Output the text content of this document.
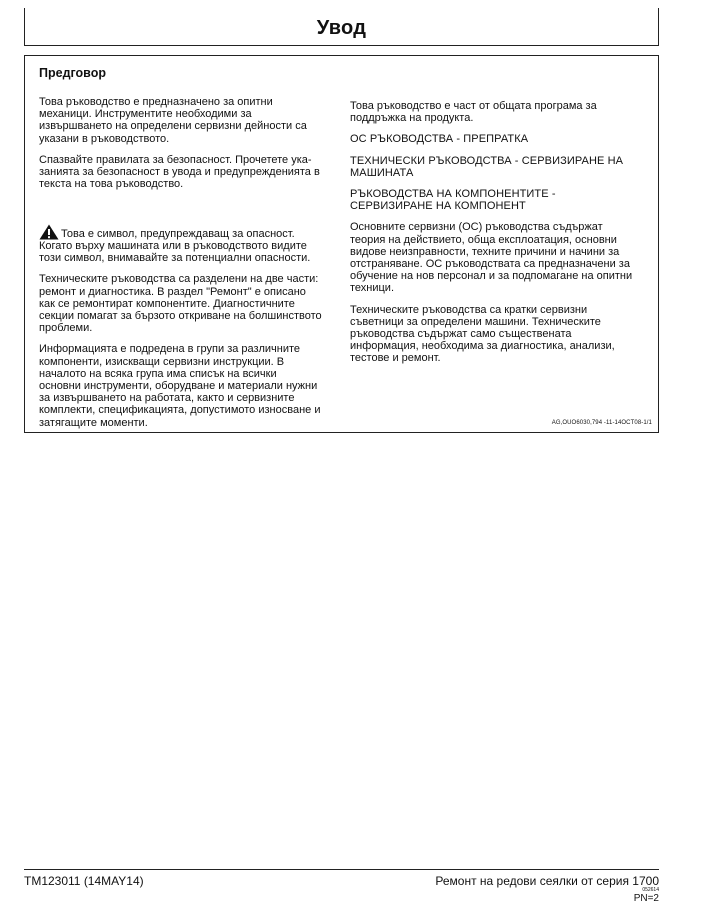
Увод
Предговор

Това ръководство е предназначено за опитни
механици. Инструментите необходими за
извършването на определени сервизни дейности са
указани в ръководството.

Спазвайте правилата за безопасност. Прочетете ука-
занията за безопасност в увода и предупрежденията в
текста на това ръководство.

Това е символ, предупреждаващ за опасност.
Когато върху машината или в ръководството видите
този символ, внимавайте за потенциални опасности.

Техническите ръководства са разделени на две части:
ремонт и диагностика. В раздел "Ремонт" е описано
как се ремонтират компонентите. Диагностичните
секции помагат за бързото откриване на болшинството
проблеми.

Информацията е подредена в групи за различните
компоненти, изискващи сервизни инструкции. В
началото на всяка група има списък на всички
основни инструменти, оборудване и материали нужни
за извършването на работата, както и сервизните
комплекти, спецификацията, допустимото износване и
затягащите моменти.

Това ръководство е част от общата програма за
поддръжка на продукта.

ОС РЪКОВОДСТВА - ПРЕПРАТКА

ТЕХНИЧЕСКИ РЪКОВОДСТВА - СЕРВИЗИРАНЕ НА
МАШИНАТА

РЪКОВОДСТВА НА КОМПОНЕНТИТЕ -
СЕРВИЗИРАНЕ НА КОМПОНЕНТ

Основните сервизни (ОС) ръководства съдържат
теория на действието, обща експлоатация, основни
видове неизправности, техните причини и начини за
отстраняване. ОС ръководствата са предназначени за
обучение на нов персонал и за подпомагане на опитни
техници.

Техническите ръководства са кратки сервизни
съветници за определени машини. Техническите
ръководства съдържат само съществената
информация, необходима за диагностика, анализи,
тестове и ремонт.

AG,OUO6030,794 -11-14OCT08-1/1
TM123011 (14MAY14)	Ремонт на редови сеялки от серия 1700
052614
PN=2
